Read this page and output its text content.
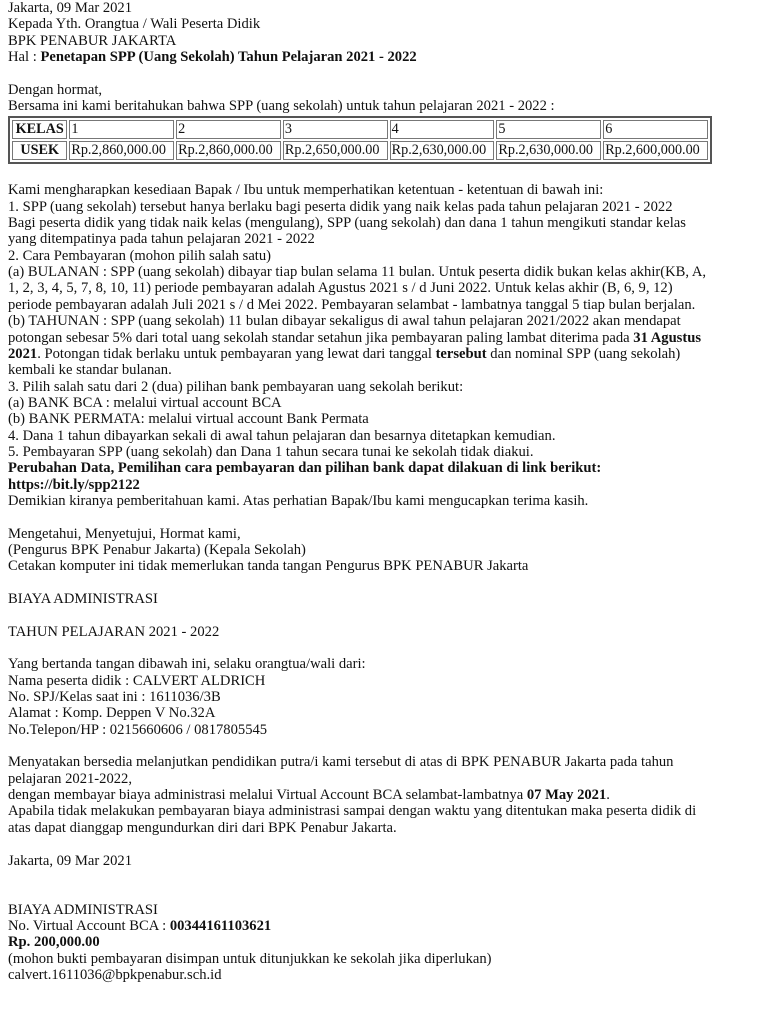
Jakarta, 09 Mar 2021
Kepada Yth. Orangtua / Wali Peserta Didik
BPK PENABUR JAKARTA
Hal : Penetapan SPP (Uang Sekolah) Tahun Pelajaran 2021 - 2022
Dengan hormat,
Bersama ini kami beritahukan bahwa SPP (uang sekolah) untuk tahun pelajaran 2021 - 2022 :
KELAS	1	2	3	4	5	6
USEK	Rp.2,860,000.00	Rp.2,860,000.00	Rp.2,650,000.00	Rp.2,630,000.00	Rp.2,630,000.00	Rp.2,600,000.00
Kami mengharapkan kesediaan Bapak / Ibu untuk memperhatikan ketentuan - ketentuan di bawah ini:
1. SPP (uang sekolah) tersebut hanya berlaku bagi peserta didik yang naik kelas pada tahun pelajaran 2021 - 2022
Bagi peserta didik yang tidak naik kelas (mengulang), SPP (uang sekolah) dan dana 1 tahun mengikuti standar kelas
yang ditempatinya pada tahun pelajaran 2021 - 2022
2. Cara Pembayaran (mohon pilih salah satu)
(a) BULANAN : SPP (uang sekolah) dibayar tiap bulan selama 11 bulan. Untuk peserta didik bukan kelas akhir(KB, A,
1, 2, 3, 4, 5, 7, 8, 10, 11) periode pembayaran adalah Agustus 2021 s / d Juni 2022. Untuk kelas akhir (B, 6, 9, 12)
periode pembayaran adalah Juli 2021 s / d Mei 2022. Pembayaran selambat - lambatnya tanggal 5 tiap bulan berjalan.
(b) TAHUNAN : SPP (uang sekolah) 11 bulan dibayar sekaligus di awal tahun pelajaran 2021/2022 akan mendapat
potongan sebesar 5% dari total uang sekolah standar setahun jika pembayaran paling lambat diterima pada 31 Agustus
2021. Potongan tidak berlaku untuk pembayaran yang lewat dari tanggal tersebut dan nominal SPP (uang sekolah)
kembali ke standar bulanan.
3. Pilih salah satu dari 2 (dua) pilihan bank pembayaran uang sekolah berikut:
(a) BANK BCA : melalui virtual account BCA
(b) BANK PERMATA: melalui virtual account Bank Permata
4. Dana 1 tahun dibayarkan sekali di awal tahun pelajaran dan besarnya ditetapkan kemudian.
5. Pembayaran SPP (uang sekolah) dan Dana 1 tahun secara tunai ke sekolah tidak diakui.
Perubahan Data, Pemilihan cara pembayaran dan pilihan bank dapat dilakuan di link berikut:
https://bit.ly/spp2122
Demikian kiranya pemberitahuan kami. Atas perhatian Bapak/Ibu kami mengucapkan terima kasih.
Mengetahui, Menyetujui, Hormat kami,
(Pengurus BPK Penabur Jakarta) (Kepala Sekolah)
Cetakan komputer ini tidak memerlukan tanda tangan Pengurus BPK PENABUR Jakarta
BIAYA ADMINISTRASI
TAHUN PELAJARAN 2021 - 2022
Yang bertanda tangan dibawah ini, selaku orangtua/wali dari:
Nama peserta didik : CALVERT ALDRICH
No. SPJ/Kelas saat ini : 1611036/3B
Alamat : Komp. Deppen V No.32A
No.Telepon/HP : 0215660606 / 0817805545
Menyatakan bersedia melanjutkan pendidikan putra/i kami tersebut di atas di BPK PENABUR Jakarta pada tahun
pelajaran 2021-2022,
dengan membayar biaya administrasi melalui Virtual Account BCA selambat-lambatnya 07 May 2021.
Apabila tidak melakukan pembayaran biaya administrasi sampai dengan waktu yang ditentukan maka peserta didik di
atas dapat dianggap mengundurkan diri dari BPK Penabur Jakarta.
Jakarta, 09 Mar 2021
BIAYA ADMINISTRASI
No. Virtual Account BCA : 00344161103621
Rp. 200,000.00
(mohon bukti pembayaran disimpan untuk ditunjukkan ke sekolah jika diperlukan)
calvert.1611036@bpkpenabur.sch.id
